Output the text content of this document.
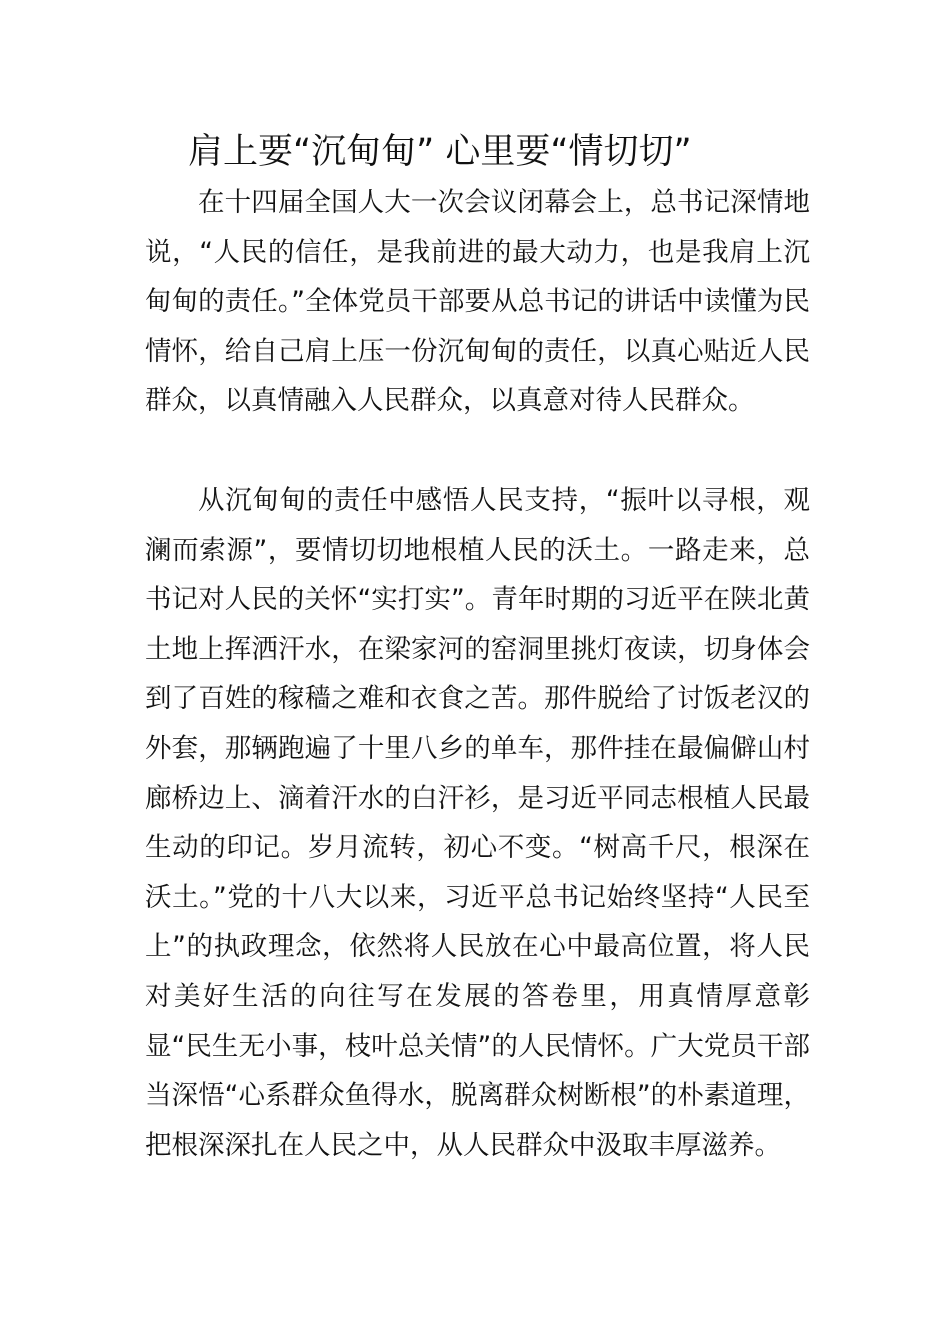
肩上要“沉甸甸” 心里要“情切切”

在十四届全国人大一次会议闭幕会上，总书记深情地说，“人民的信任，是我前进的最大动力，也是我肩上沉甸甸的责任。”全体党员干部要从总书记的讲话中读懂为民情怀，给自己肩上压一份沉甸甸的责任，以真心贴近人民群众，以真情融入人民群众，以真意对待人民群众。

从沉甸甸的责任中感悟人民支持，“振叶以寻根，观澜而索源”，要情切切地根植人民的沃土。一路走来，总书记对人民的关怀“实打实”。青年时期的习近平在陕北黄土地上挥洒汗水，在梁家河的窑洞里挑灯夜读，切身体会到了百姓的稼穑之难和衣食之苦。那件脱给了讨饭老汉的外套，那辆跑遍了十里八乡的单车，那件挂在最偏僻山村廊桥边上、滴着汗水的白汗衫，是习近平同志根植人民最生动的印记。岁月流转，初心不变。“树高千尺，根深在沃土。”党的十八大以来，习近平总书记始终坚持“人民至上”的执政理念，依然将人民放在心中最高位置，将人民对美好生活的向往写在发展的答卷里，用真情厚意彰显“民生无小事，枝叶总关情”的人民情怀。广大党员干部当深悟“心系群众鱼得水，脱离群众树断根”的朴素道理，把根深深扎在人民之中，从人民群众中汲取丰厚滋养。
